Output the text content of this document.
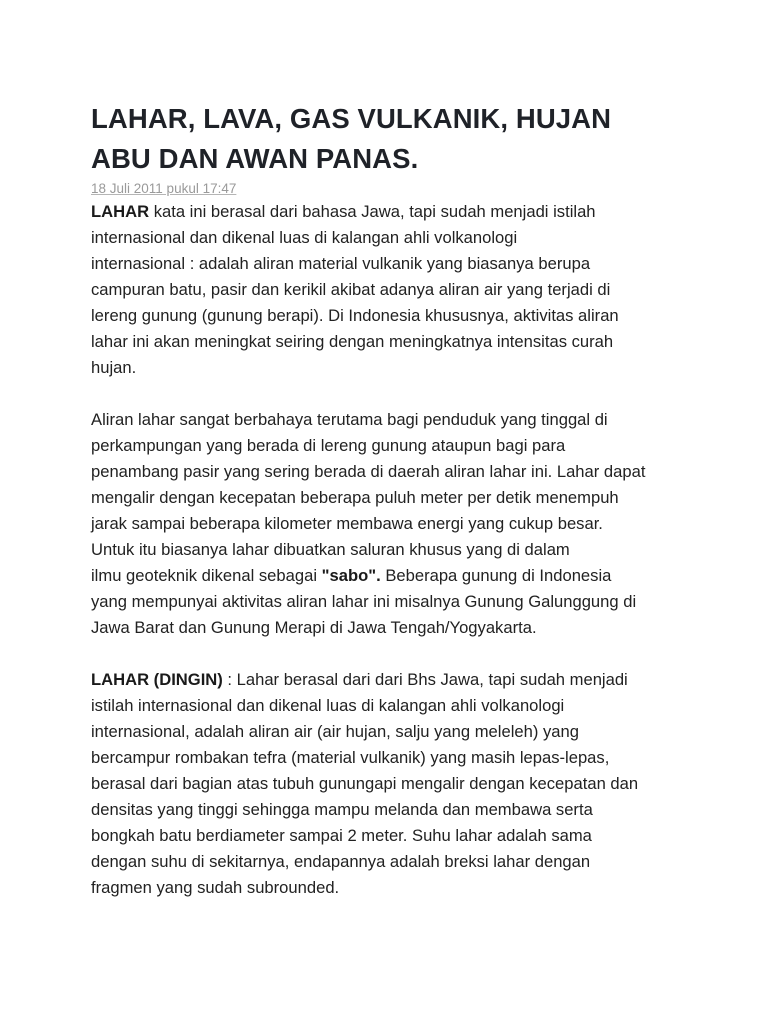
LAHAR, LAVA, GAS VULKANIK, HUJAN
ABU DAN AWAN PANAS.
18 Juli 2011 pukul 17:47

LAHAR kata ini berasal dari bahasa Jawa, tapi sudah menjadi istilah
internasional dan dikenal luas di kalangan ahli volkanologi
internasional : adalah aliran material vulkanik yang biasanya berupa
campuran batu, pasir dan kerikil akibat adanya aliran air yang terjadi di
lereng gunung (gunung berapi). Di Indonesia khususnya, aktivitas aliran
lahar ini akan meningkat seiring dengan meningkatnya intensitas curah
hujan.

Aliran lahar sangat berbahaya terutama bagi penduduk yang tinggal di
perkampungan yang berada di lereng gunung ataupun bagi para
penambang pasir yang sering berada di daerah aliran lahar ini. Lahar dapat
mengalir dengan kecepatan beberapa puluh meter per detik menempuh
jarak sampai beberapa kilometer membawa energi yang cukup besar.
Untuk itu biasanya lahar dibuatkan saluran khusus yang di dalam
ilmu geoteknik dikenal sebagai "sabo". Beberapa gunung di Indonesia
yang mempunyai aktivitas aliran lahar ini misalnya Gunung Galunggung di
Jawa Barat dan Gunung Merapi di Jawa Tengah/Yogyakarta.

LAHAR (DINGIN) : Lahar berasal dari dari Bhs Jawa, tapi sudah menjadi
istilah internasional dan dikenal luas di kalangan ahli volkanologi
internasional, adalah aliran air (air hujan, salju yang meleleh) yang
bercampur rombakan tefra (material vulkanik) yang masih lepas-lepas,
berasal dari bagian atas tubuh gunungapi mengalir dengan kecepatan dan
densitas yang tinggi sehingga mampu melanda dan membawa serta
bongkah batu berdiameter sampai 2 meter. Suhu lahar adalah sama
dengan suhu di sekitarnya, endapannya adalah breksi lahar dengan
fragmen yang sudah subrounded.
